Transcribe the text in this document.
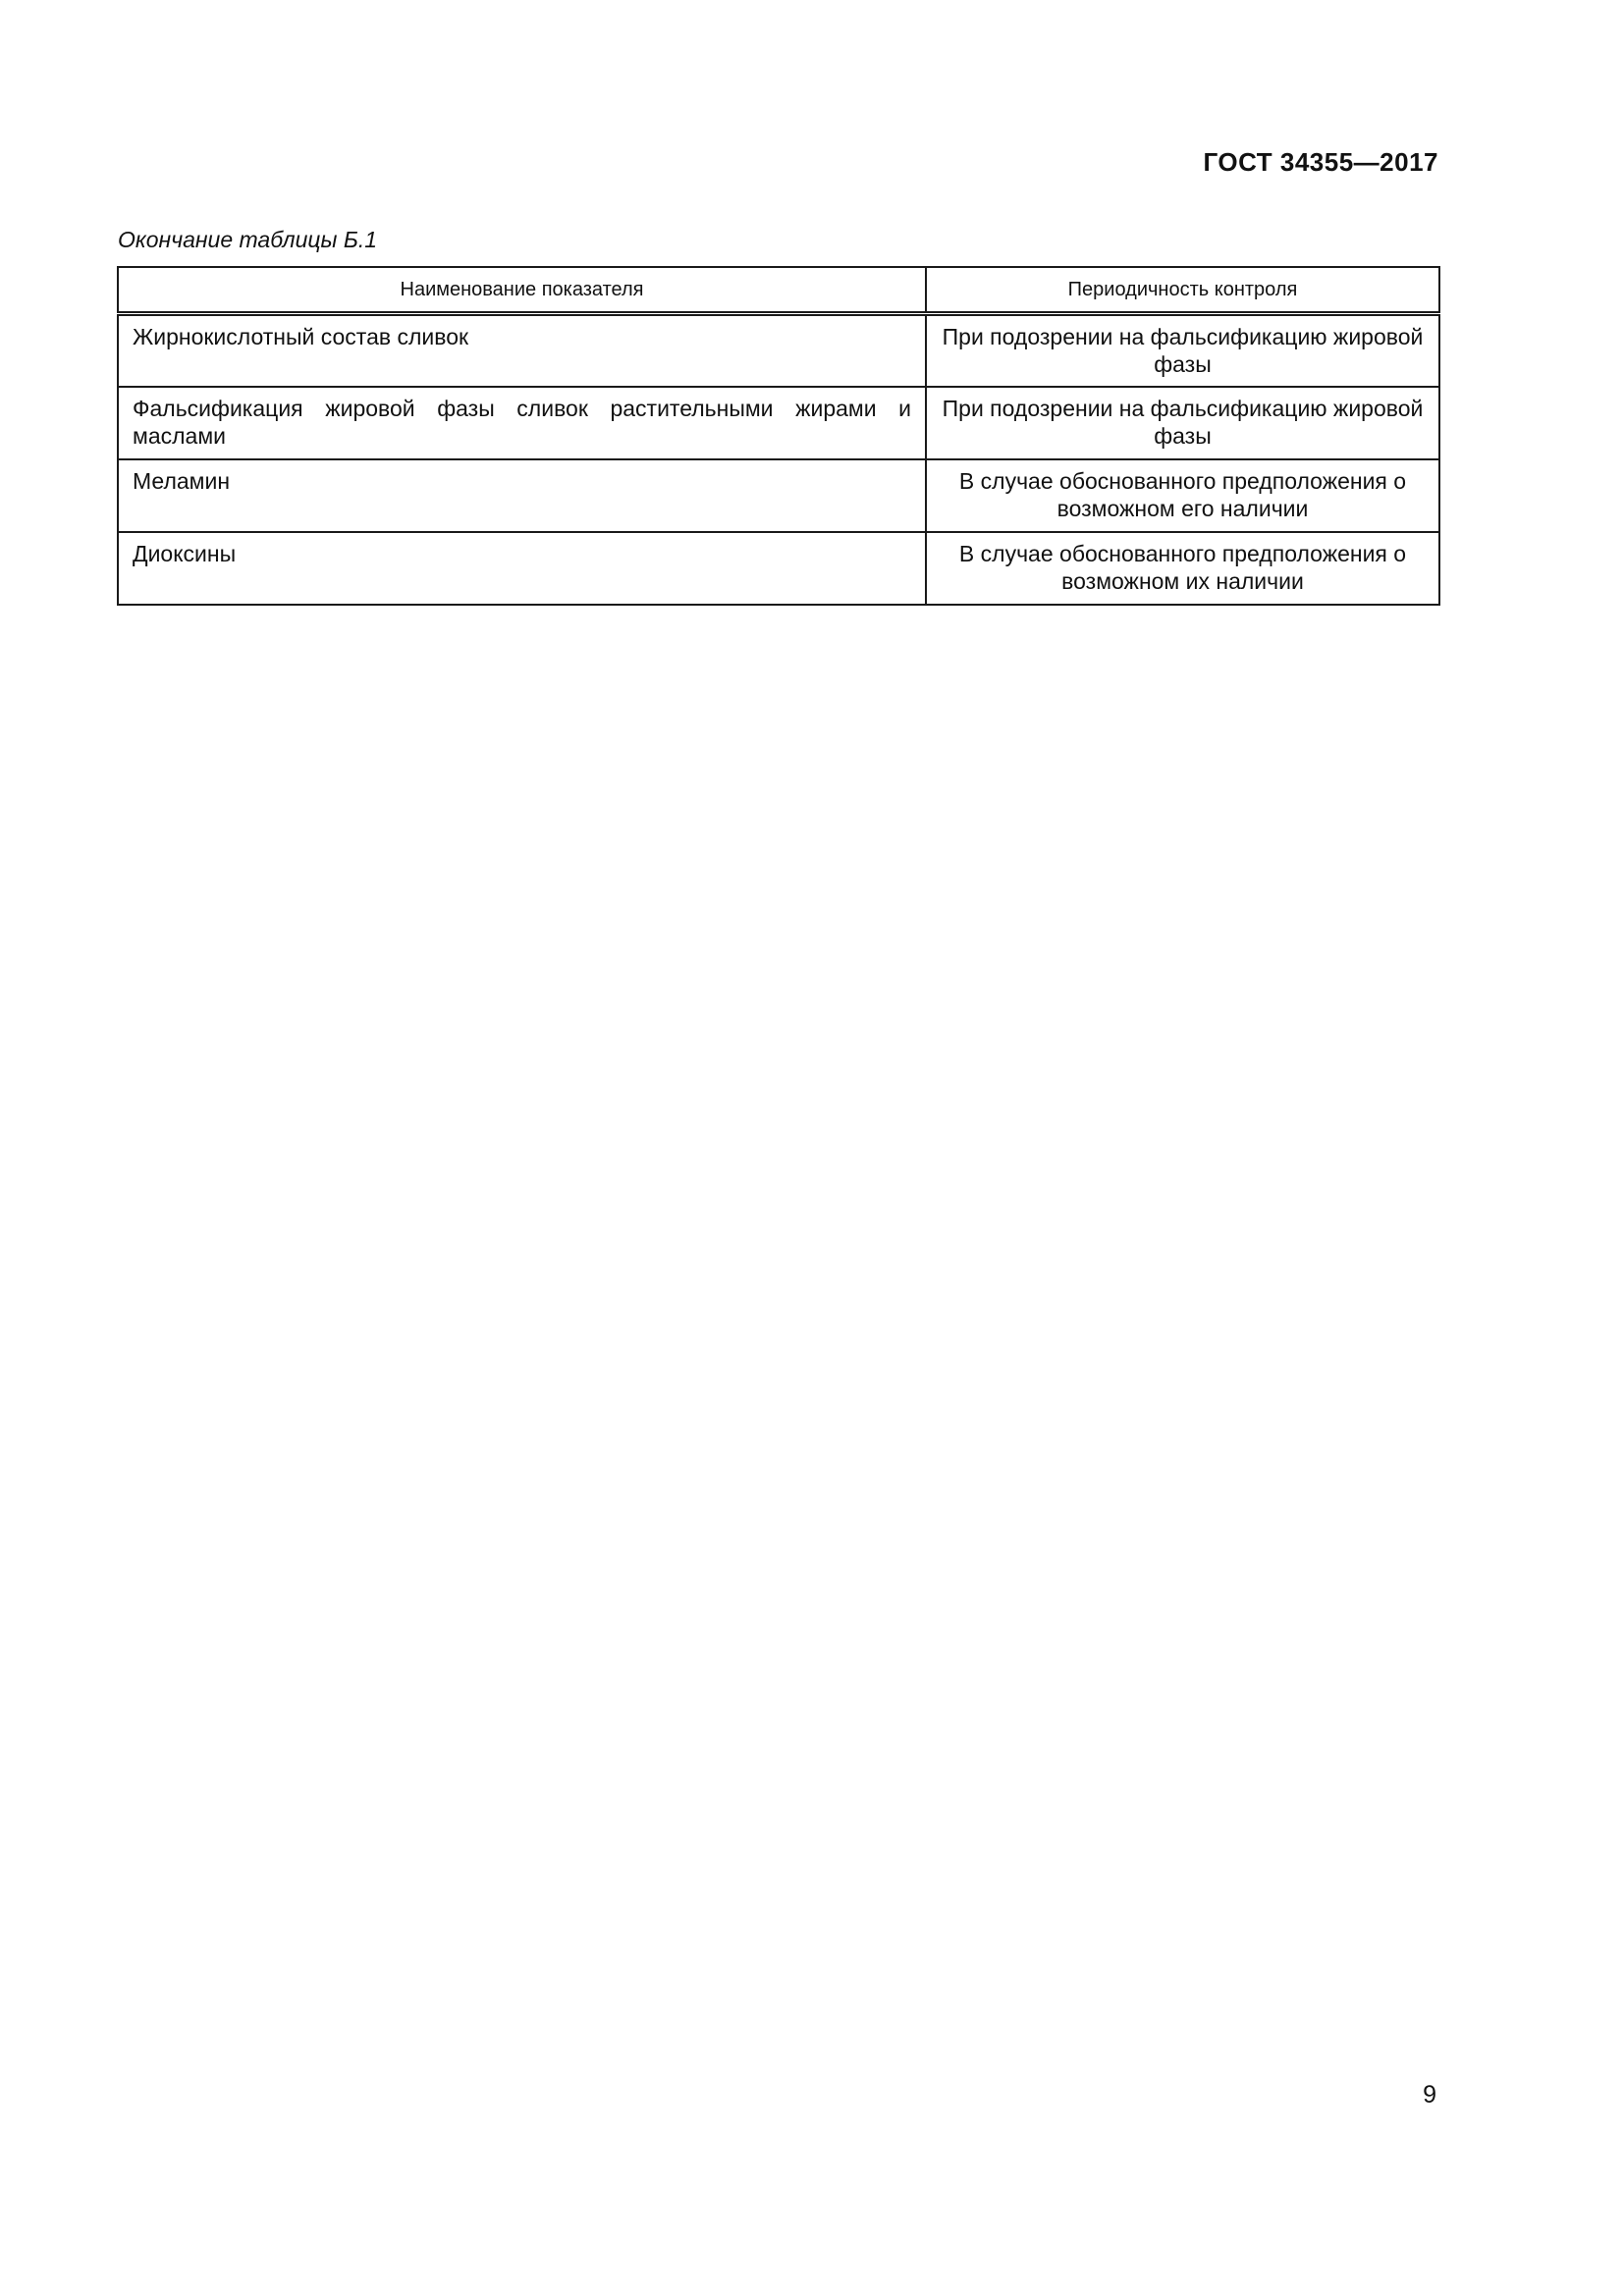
ГОСТ 34355—2017
Окончание таблицы Б.1
Наименование показателя	Периодичность контроля
Жирнокислотный состав сливок	При подозрении на фальсификацию жировой фазы
Фальсификация жировой фазы сливок растительными жирами и маслами	При подозрении на фальсификацию жировой фазы
Меламин	В случае обоснованного предположения о возможном его наличии
Диоксины	В случае обоснованного предположения о возможном их наличии
9
